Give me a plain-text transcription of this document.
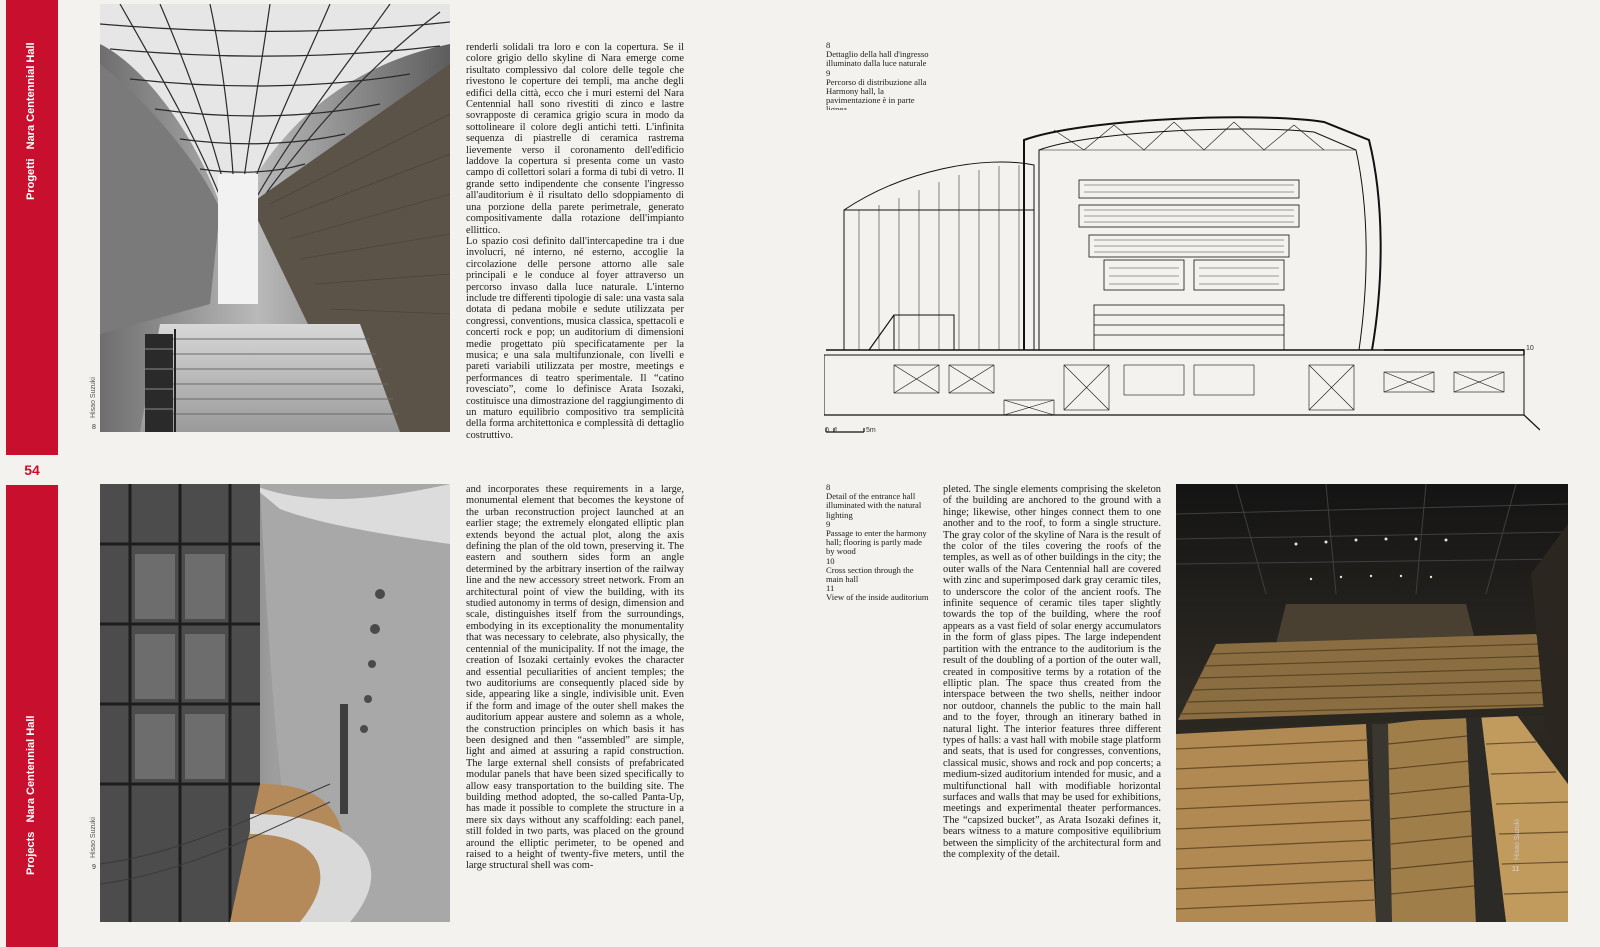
Progetti Nara Centennial Hall
Projects Nara Centennial Hall
54
Hisao Suzuki
8
Hisao Suzuki
9
renderli solidali tra loro e con la copertura. Se il colore grigio dello skyline di Nara emerge come risultato complessivo dal colore delle tegole che rivestono le coperture dei templi, ma anche degli edifici della città, ecco che i muri esterni del Nara Centennial hall sono rivestiti di zinco e lastre sovrapposte di ceramica grigio scura in modo da sottolineare il colore degli antichi tetti. L'infinita sequenza di piastrelle di ceramica rastrema lievemente verso il coronamento dell'edificio laddove la copertura si presenta come un vasto campo di collettori solari a forma di tubi di vetro. Il grande setto indipendente che consente l'ingresso all'auditorium è il risultato dello sdoppiamento di una porzione della parete perimetrale, generato compositivamente dalla rotazione dell'impianto ellittico.
Lo spazio così definito dall'intercapedine tra i due involucri, né interno, né esterno, accoglie la circolazione delle persone attorno alle sale principali e le conduce al foyer attraverso un percorso invaso dalla luce naturale. L'interno include tre differenti tipologie di sale: una vasta sala dotata di pedana mobile e sedute utilizzata per congressi, conventions, musica classica, spettacoli e concerti rock e pop; un auditorium di dimensioni medie progettato più specificatamente per la musica; e una sala multifunzionale, con livelli e pareti variabili utilizzata per mostre, meetings e performances di teatro sperimentale. Il “catino rovesciato”, come lo definisce Arata Isozaki, costituisce una dimostrazione del raggiungimento di un maturo equilibrio compositivo tra semplicità della forma architettonica e complessità di dettaglio costruttivo.

and incorporates these requirements in a large, monumental element that becomes the keystone of the urban reconstruction project launched at an earlier stage; the extremely elongated elliptic plan extends beyond the actual plot, along the axis defining the plan of the old town, preserving it. The eastern and southern sides form an angle determined by the arbitrary insertion of the railway line and the new accessory street network. From an architectural point of view the building, with its studied autonomy in terms of design, dimension and scale, distinguishes itself from the surroundings, embodying in its exceptionality the monumentality that was necessary to celebrate, also physically, the centennial of the municipality. If not the image, the creation of Isozaki certainly evokes the character and essential peculiarities of ancient temples; the two auditoriums are consequently placed side by side, appearing like a single, indivisible unit. Even if the form and image of the outer shell makes the auditorium appear austere and solemn as a whole, the construction principles on which basis it has been designed and then “assembled” are simple, light and aimed at assuring a rapid construction. The large external shell consists of prefabricated modular panels that have been sized specifically to allow easy transportation to the building site. The building method adopted, the so-called Panta-Up, has made it possible to complete the structure in a mere six days without any scaffolding: each panel, still folded in two parts, was placed on the ground around the elliptic perimeter, to be opened and raised to a height of twenty-five meters, until the large structural shell was com-

8
Dettaglio della hall d'ingresso illuminato dalla luce naturale
9
Percorso di distribuzione alla Harmony hall, la pavimentazione è in parte
10
0 1	5m
8
Detail of the entrance hall illuminated with the natural lighting
9
Passage to enter the harmony hall; flooring is partly made by wood
10
Cross section through the main hall
11
View of the inside auditorium

pleted. The single elements comprising the skeleton of the building are anchored to the ground with a hinge; likewise, other hinges connect them to one another and to the roof, to form a single structure. The gray color of the skyline of Nara is the result of the color of the tiles covering the roofs of the temples, as well as of other buildings in the city; the outer walls of the Nara Centennial hall are covered with zinc and superimposed dark gray ceramic tiles, to underscore the color of the ancient roofs. The infinite sequence of ceramic tiles taper slightly towards the top of the building, where the roof appears as a vast field of solar energy accumulators in the form of glass pipes. The large independent partition with the entrance to the auditorium is the result of the doubling of a portion of the outer wall, created in compositive terms by a rotation of the elliptic plan. The space thus created from the interspace between the two shells, neither indoor nor outdoor, channels the public to the main hall and to the foyer, through an itinerary bathed in natural light. The interior features three different types of halls: a vast hall with mobile stage platform and seats, that is used for congresses, conventions, classical music, shows and rock and pop concerts; a medium-sized auditorium intended for music, and a multifunctional hall with modifiable horizontal surfaces and walls that may be used for exhibitions, meetings and experimental theater performances. The “capsized bucket”, as Arata Isozaki defines it, bears witness to a mature compositive equilibrium between the simplicity of the architectural form and the complexity of the detail.	Hisao Suzuki
11
